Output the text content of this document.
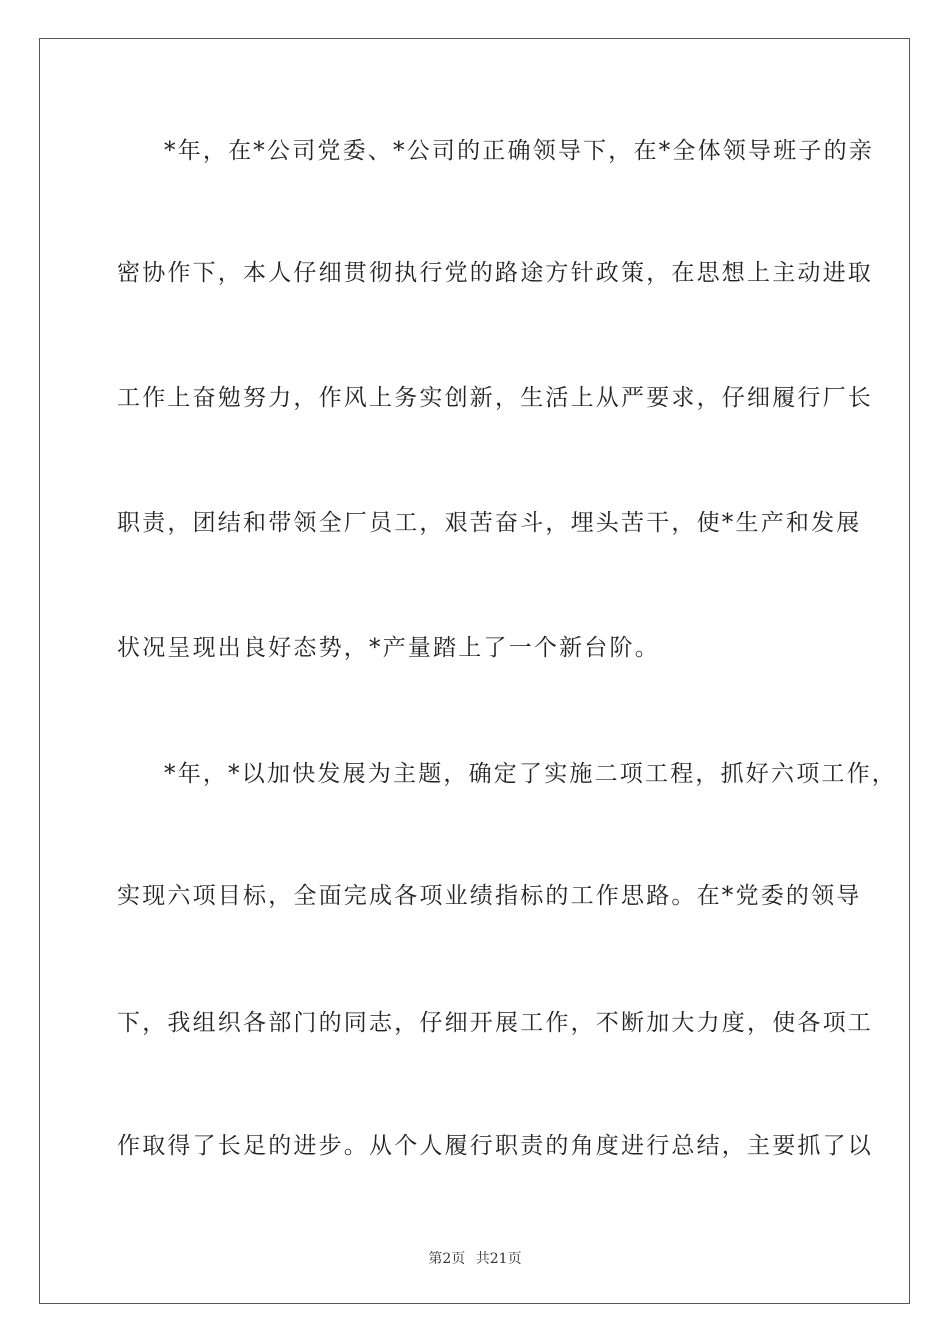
*年，在*公司党委、*公司的正确领导下，在*全体领导班子的亲
密协作下，本人仔细贯彻执行党的路途方针政策，在思想上主动进取
工作上奋勉努力，作风上务实创新，生活上从严要求，仔细履行厂长
职责，团结和带领全厂员工，艰苦奋斗，埋头苦干，使*生产和发展
状况呈现出良好态势，*产量踏上了一个新台阶。
*年，*以加快发展为主题，确定了实施二项工程，抓好六项工作，
实现六项目标，全面完成各项业绩指标的工作思路。在*党委的领导
下，我组织各部门的同志，仔细开展工作，不断加大力度，使各项工
作取得了长足的进步。从个人履行职责的角度进行总结，主要抓了以
第2页 共21页
